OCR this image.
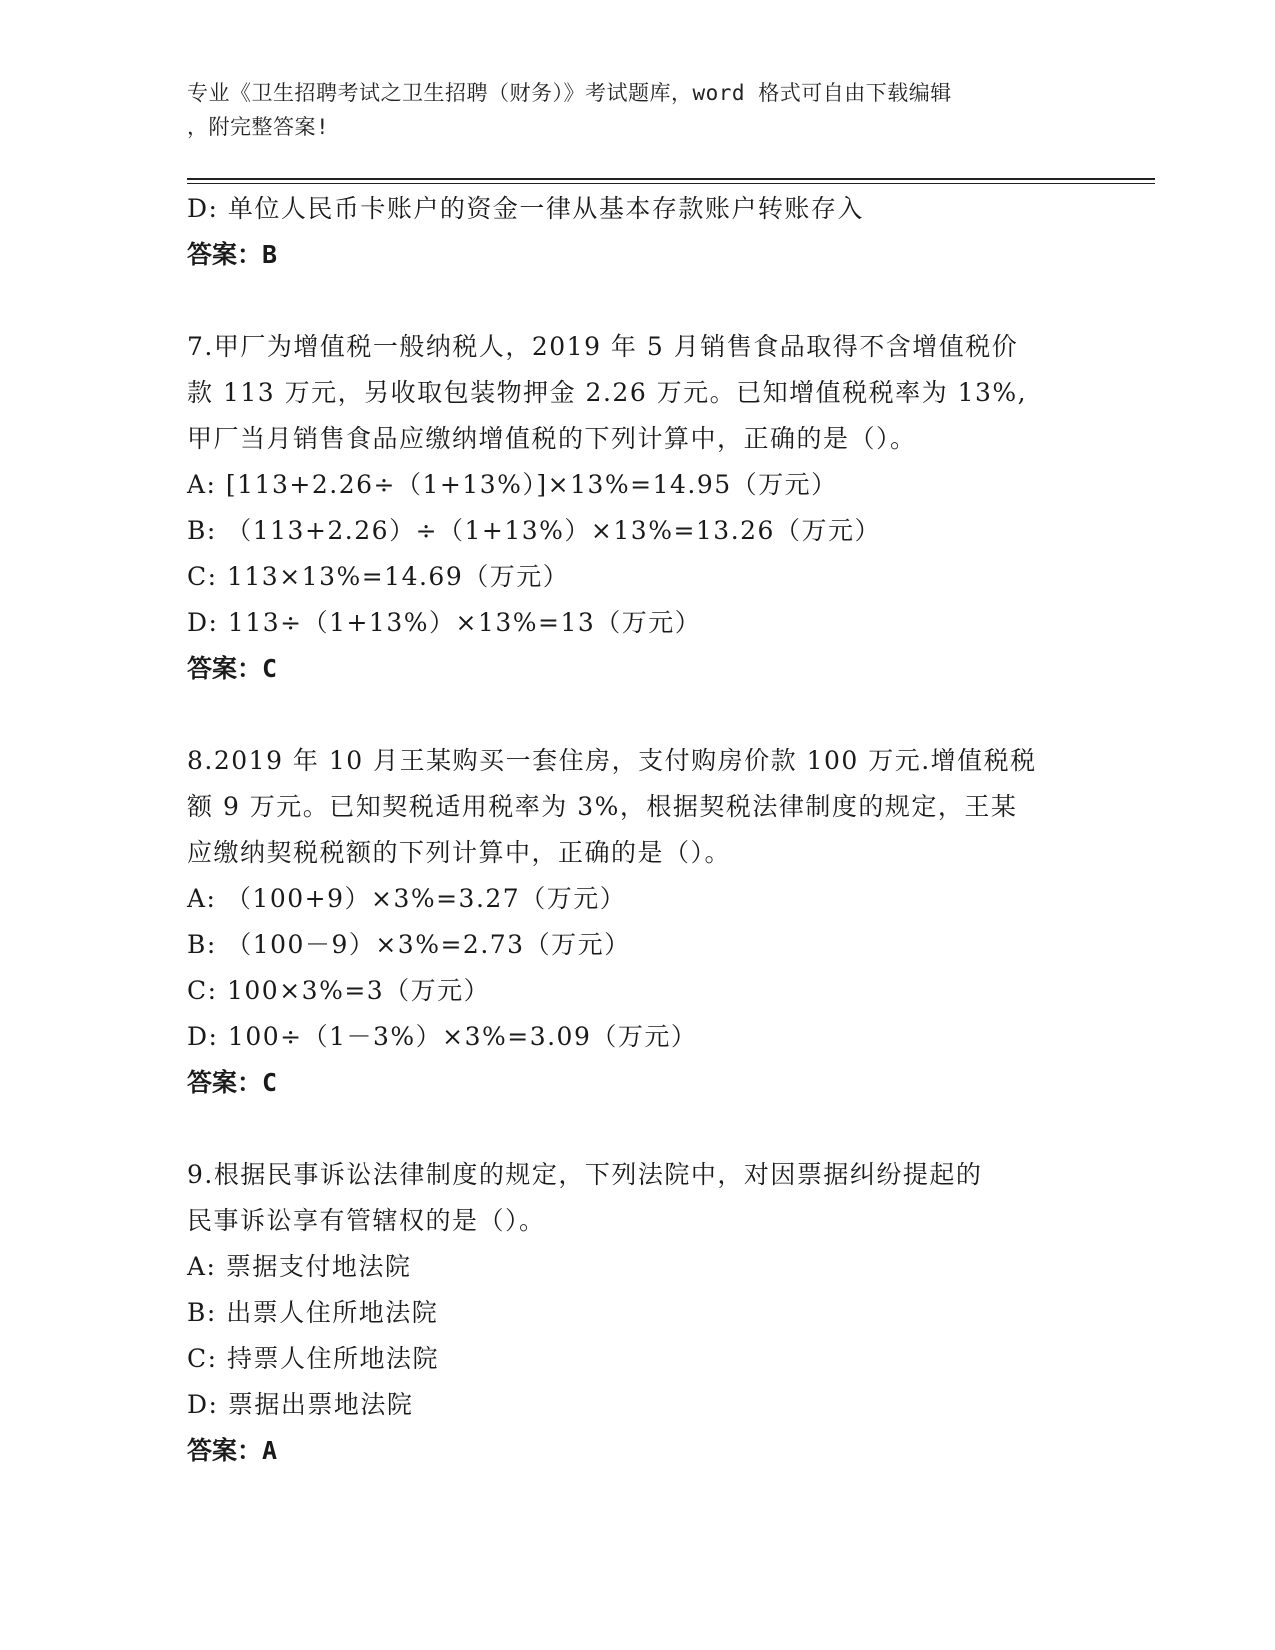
专业《卫生招聘考试之卫生招聘（财务）》考试题库，word 格式可自由下载编辑
，附完整答案!
D: 单位人民币卡账户的资金一律从基本存款账户转账存入
答案：B
7.甲厂为增值税一般纳税人，2019 年 5 月销售食品取得不含增值税价
款 113 万元，另收取包装物押金 2.26 万元。已知增值税税率为 13%,
甲厂当月销售食品应缴纳增值税的下列计算中，正确的是（）。
A: [113+2.26÷（1+13%）]×13%=14.95（万元）
B: （113+2.26）÷（1+13%）×13%=13.26（万元）
C: 113×13%=14.69（万元）
D: 113÷（1+13%）×13%=13（万元）
答案：C
8.2019 年 10 月王某购买一套住房，支付购房价款 100 万元.增值税税
额 9 万元。已知契税适用税率为 3%，根据契税法律制度的规定，王某
应缴纳契税税额的下列计算中，正确的是（）。
A: （100+9）×3%=3.27（万元）
B: （100－9）×3%=2.73（万元）
C: 100×3%=3（万元）
D: 100÷（1－3%）×3%=3.09（万元）
答案：C
9.根据民事诉讼法律制度的规定，下列法院中，对因票据纠纷提起的
民事诉讼享有管辖权的是（）。
A: 票据支付地法院
B: 出票人住所地法院
C: 持票人住所地法院
D: 票据出票地法院
答案：A
